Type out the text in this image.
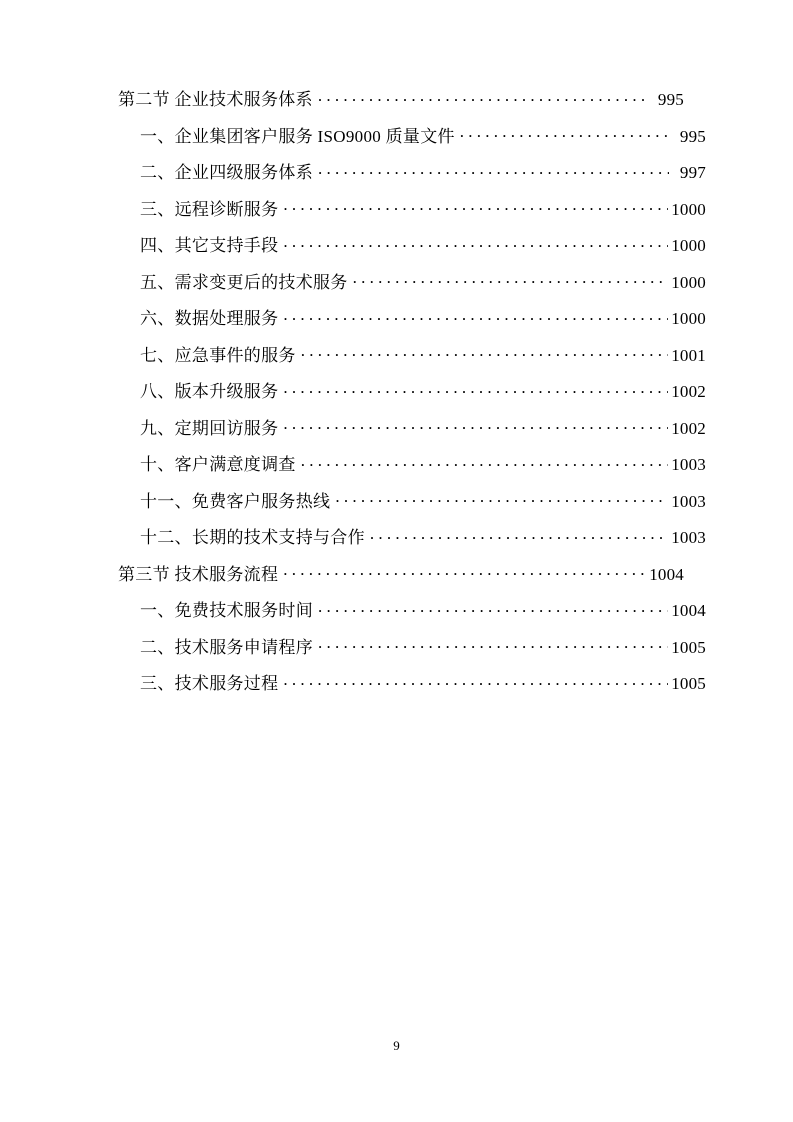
第二节 企业技术服务体系 . . .	995
一、企业集团客户服务 ISO9000 质量文件 . . .	995
二、企业四级服务体系 . . .	997
三、远程诊断服务 . . .	1000
四、其它支持手段 . . .	1000
五、需求变更后的技术服务 . . .	1000
六、数据处理服务 . . .	1000
七、应急事件的服务 . . .	1001
八、版本升级服务 . . .	1002
九、定期回访服务 . . .	1002
十、客户满意度调查 . . .	1003
十一、免费客户服务热线 . . .	1003
十二、长期的技术支持与合作 . . .	1003
第三节 技术服务流程 . . .	1004
一、免费技术服务时间 . . .	1004
二、技术服务申请程序 . . .	1005
三、技术服务过程 . . .	1005
9
